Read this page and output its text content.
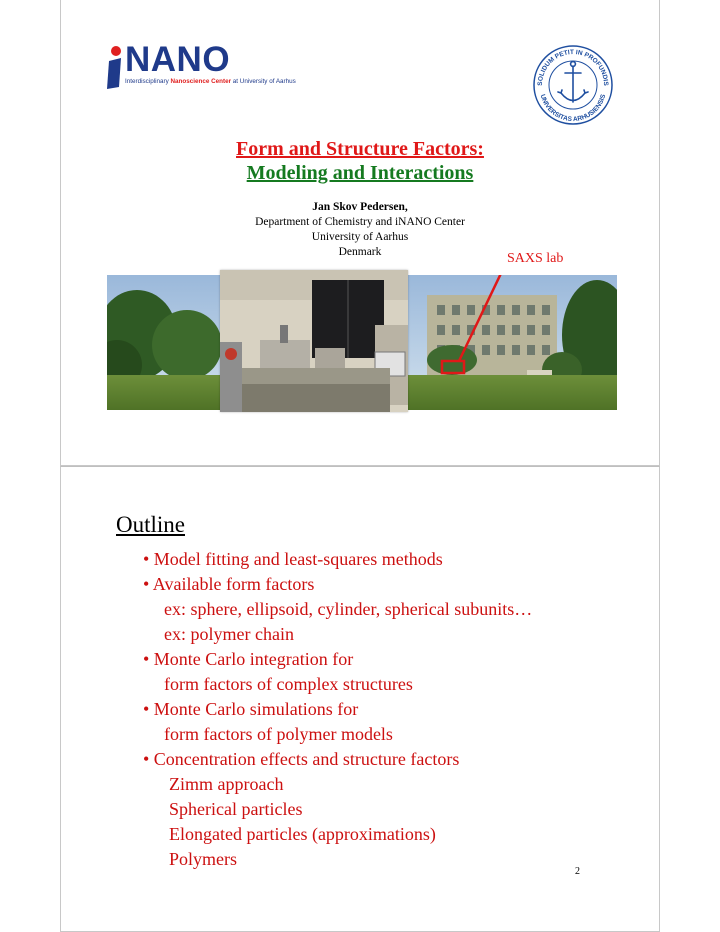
NANO
Interdisciplinary Nanoscience Center at University of Aarhus	SOLIDUM PETIT IN PROFUNDIS
UNIVERSITAS ARHUSIENSIS
Form and Structure Factors:
Modeling and Interactions
Jan Skov Pedersen,
Department of Chemistry and iNANO Center
University of Aarhus
Denmark	SAXS lab
Outline
• Model fitting and least-squares methods
• Available form factors
ex: sphere, ellipsoid, cylinder, spherical subunits…
ex: polymer chain
• Monte Carlo integration for
form factors of complex structures
• Monte Carlo simulations for
form factors of polymer models
• Concentration effects and structure factors
Zimm approach
Spherical particles
Elongated particles (approximations)
Polymers
2
